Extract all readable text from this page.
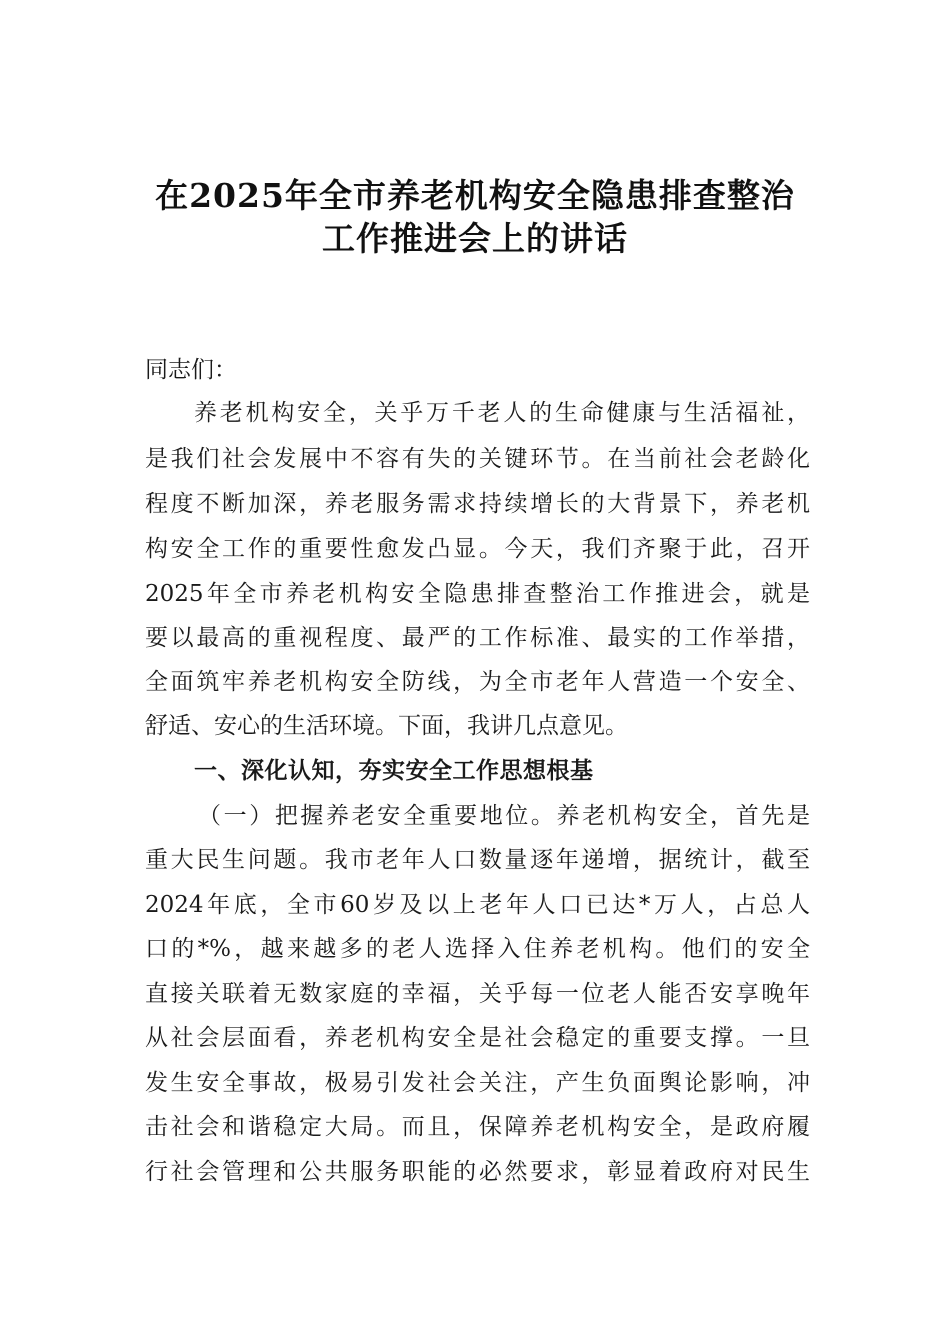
在2025年全市养老机构安全隐患排查整治
工作推进会上的讲话
同志们：
养老机构安全，关乎万千老人的生命健康与生活福祉，
是我们社会发展中不容有失的关键环节。在当前社会老龄化
程度不断加深，养老服务需求持续增长的大背景下，养老机
构安全工作的重要性愈发凸显。今天，我们齐聚于此，召开
2025年全市养老机构安全隐患排查整治工作推进会，就是
要以最高的重视程度、最严的工作标准、最实的工作举措，
全面筑牢养老机构安全防线，为全市老年人营造一个安全、
舒适、安心的生活环境。下面，我讲几点意见。
一、深化认知，夯实安全工作思想根基
（一）把握养老安全重要地位。养老机构安全，首先是
重大民生问题。我市老年人口数量逐年递增，据统计，截至
2024年底，全市60岁及以上老年人口已达*万人，占总人
口的*%，越来越多的老人选择入住养老机构。他们的安全
直接关联着无数家庭的幸福，关乎每一位老人能否安享晚年
从社会层面看，养老机构安全是社会稳定的重要支撑。一旦
发生安全事故，极易引发社会关注，产生负面舆论影响，冲
击社会和谐稳定大局。而且，保障养老机构安全，是政府履
行社会管理和公共服务职能的必然要求，彰显着政府对民生
